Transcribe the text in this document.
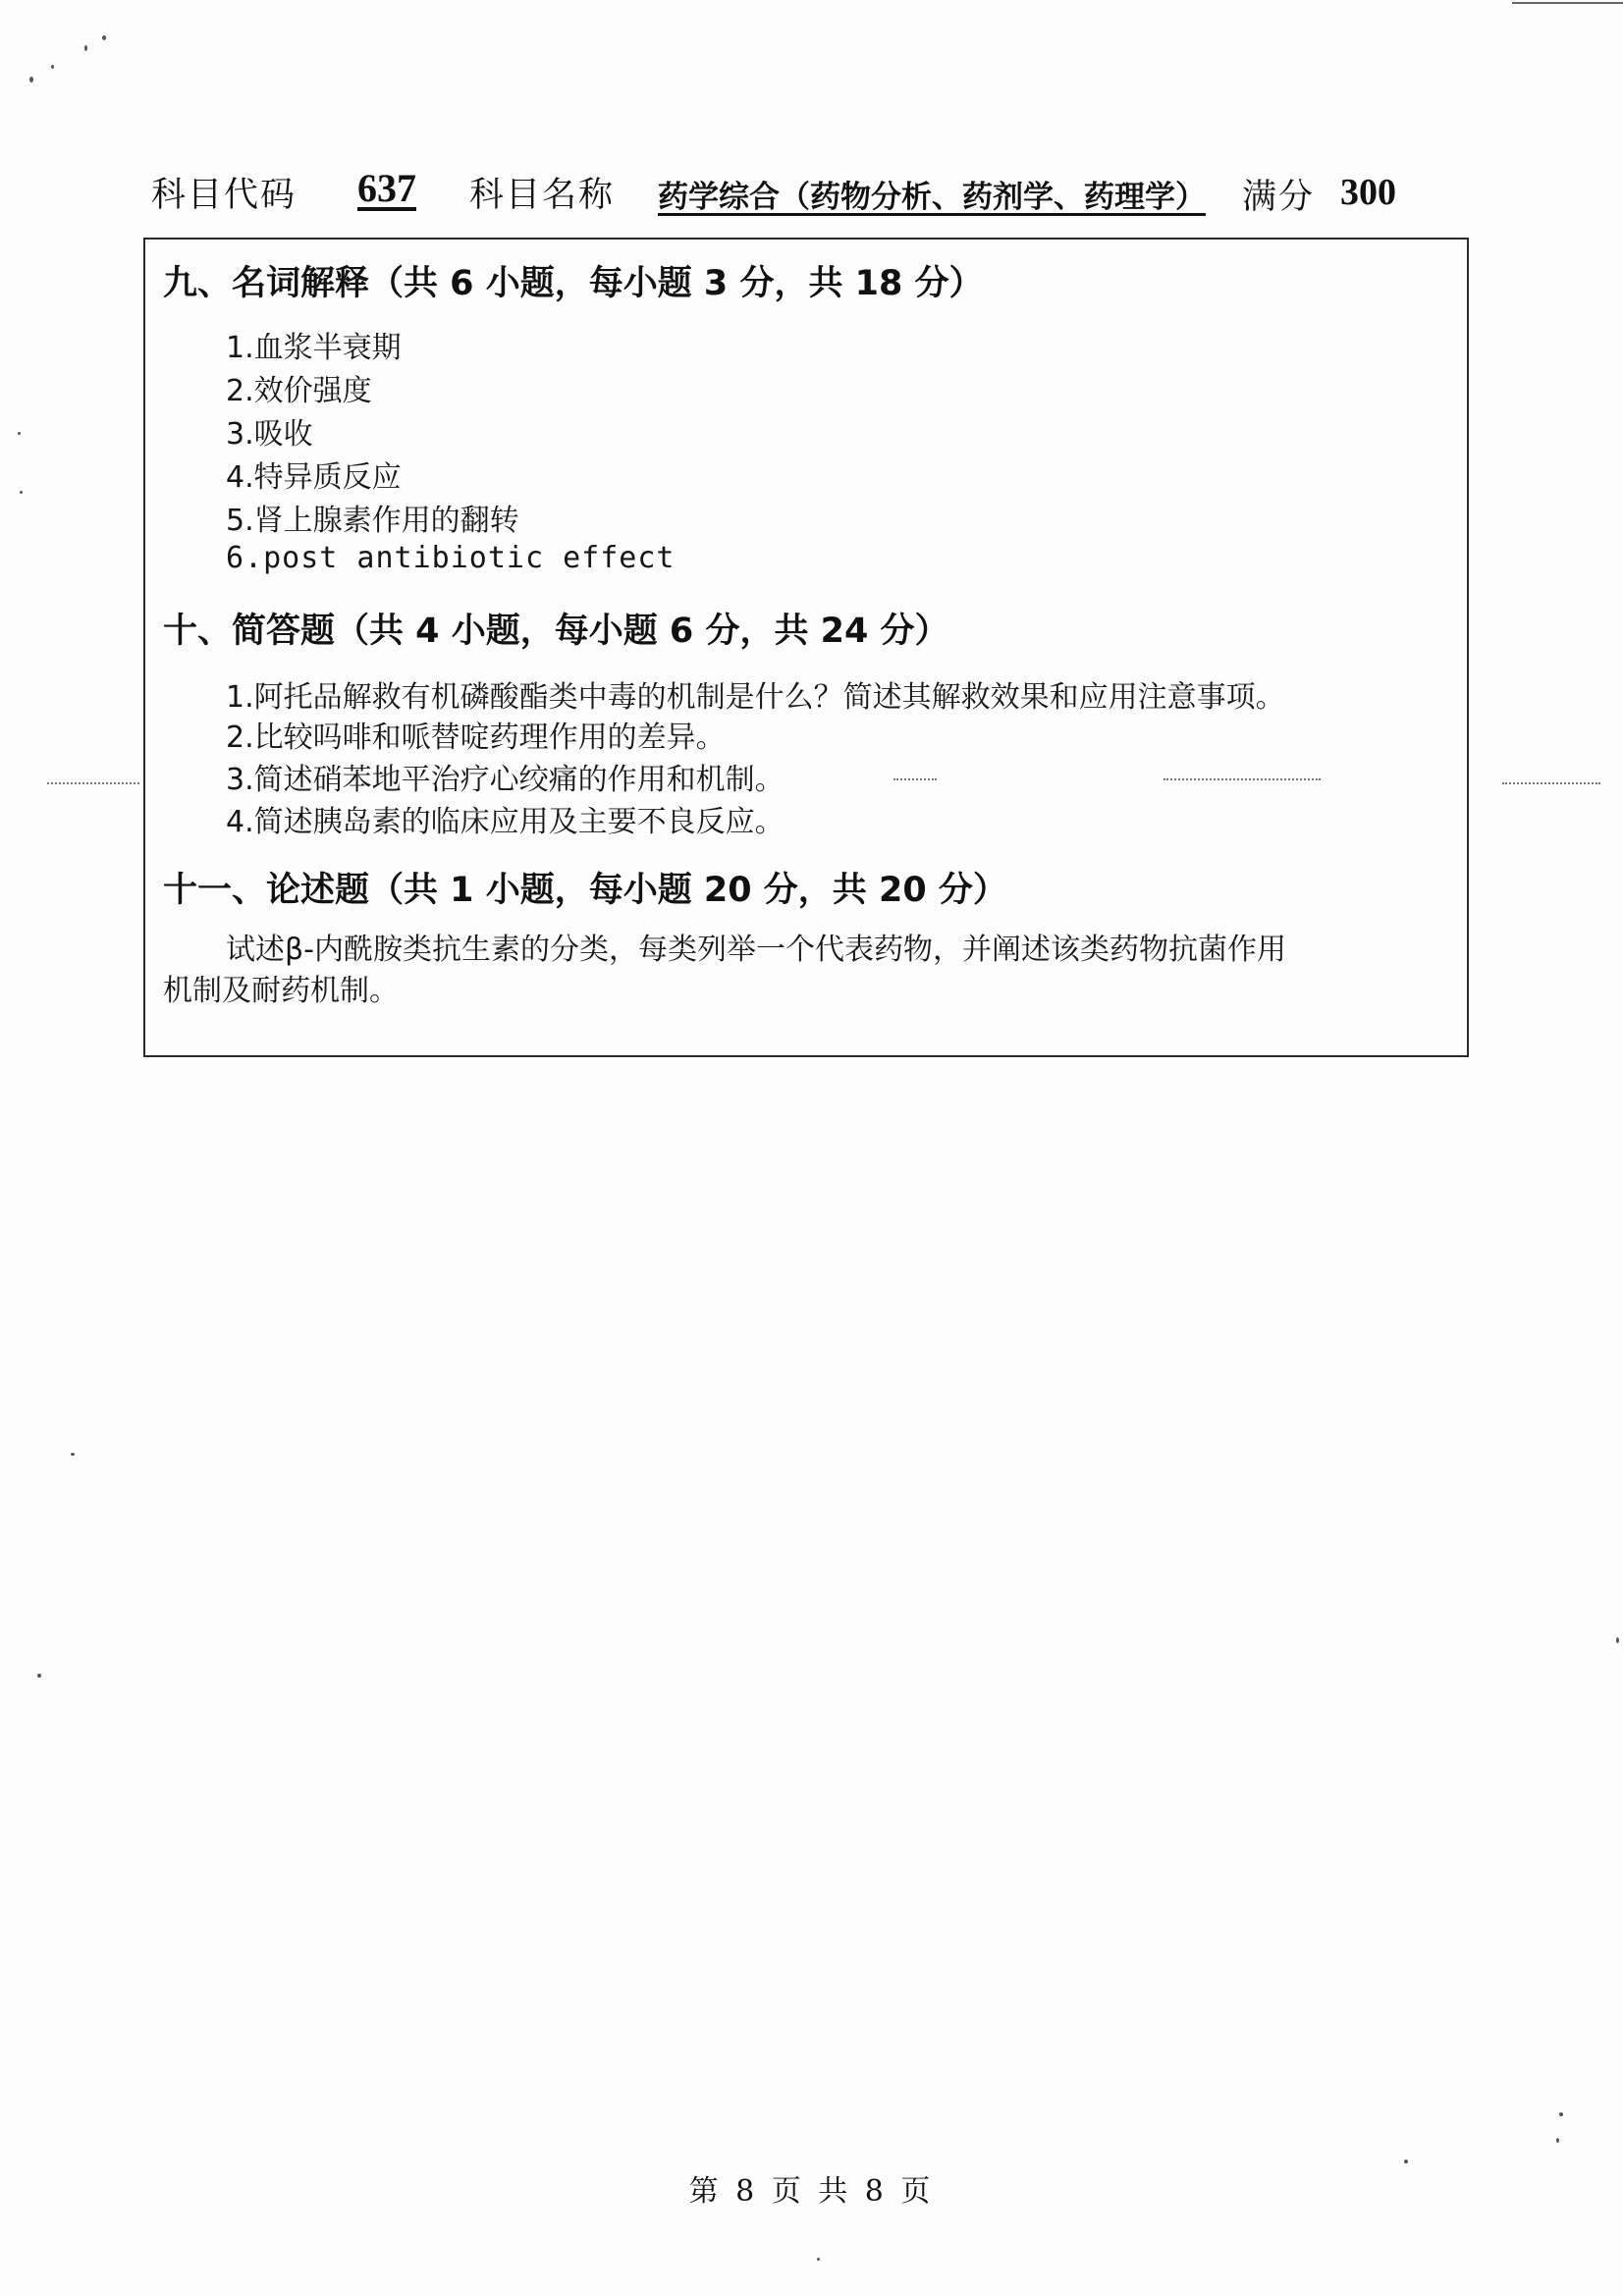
科目代码 637 科目名称 药学综合（药物分析、药剂学、药理学） 满分 300
九、名词解释（共 6 小题，每小题 3 分，共 18 分）
1.血浆半衰期
2.效价强度
3.吸收
4.特异质反应
5.肾上腺素作用的翻转
6.post antibiotic effect
十、简答题（共 4 小题，每小题 6 分，共 24 分）
1.阿托品解救有机磷酸酯类中毒的机制是什么？简述其解救效果和应用注意事项。
2.比较吗啡和哌替啶药理作用的差异。
3.简述硝苯地平治疗心绞痛的作用和机制。
4.简述胰岛素的临床应用及主要不良反应。
十一、论述题（共 1 小题，每小题 20 分，共 20 分）
试述β-内酰胺类抗生素的分类，每类列举一个代表药物，并阐述该类药物抗菌作用
机制及耐药机制。
第 8 页 共 8 页
